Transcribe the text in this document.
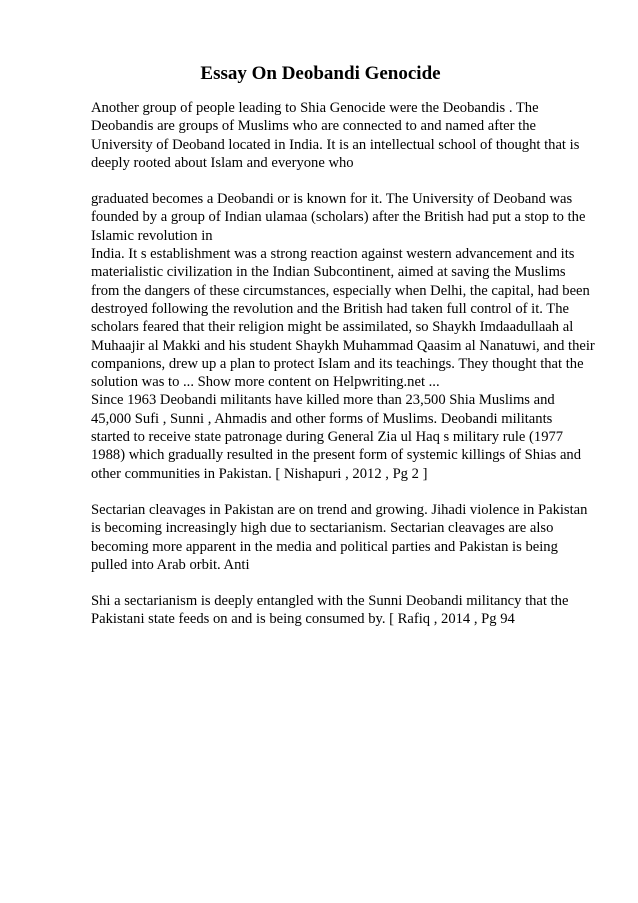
Essay On Deobandi Genocide

Another group of people leading to Shia Genocide were the Deobandis . The
Deobandis are groups of Muslims who are connected to and named after the
University of Deoband located in India. It is an intellectual school of thought that is
deeply rooted about Islam and everyone who

graduated becomes a Deobandi or is known for it. The University of Deoband was
founded by a group of Indian ulamaa (scholars) after the British had put a stop to the
Islamic revolution in
India. It s establishment was a strong reaction against western advancement and its
materialistic civilization in the Indian Subcontinent, aimed at saving the Muslims
from the dangers of these circumstances, especially when Delhi, the capital, had been
destroyed following the revolution and the British had taken full control of it. The
scholars feared that their religion might be assimilated, so Shaykh Imdaadullaah al
Muhaajir al Makki and his student Shaykh Muhammad Qaasim al Nanatuwi, and their
companions, drew up a plan to protect Islam and its teachings. They thought that the
solution was to ... Show more content on Helpwriting.net ...
Since 1963 Deobandi militants have killed more than 23,500 Shia Muslims and
45,000 Sufi , Sunni , Ahmadis and other forms of Muslims. Deobandi militants
started to receive state patronage during General Zia ul Haq s military rule (1977
1988) which gradually resulted in the present form of systemic killings of Shias and
other communities in Pakistan. [ Nishapuri , 2012 , Pg 2 ]

Sectarian cleavages in Pakistan are on trend and growing. Jihadi violence in Pakistan
is becoming increasingly high due to sectarianism. Sectarian cleavages are also
becoming more apparent in the media and political parties and Pakistan is being
pulled into Arab orbit. Anti

Shi a sectarianism is deeply entangled with the Sunni Deobandi militancy that the
Pakistani state feeds on and is being consumed by. [ Rafiq , 2014 , Pg 94
